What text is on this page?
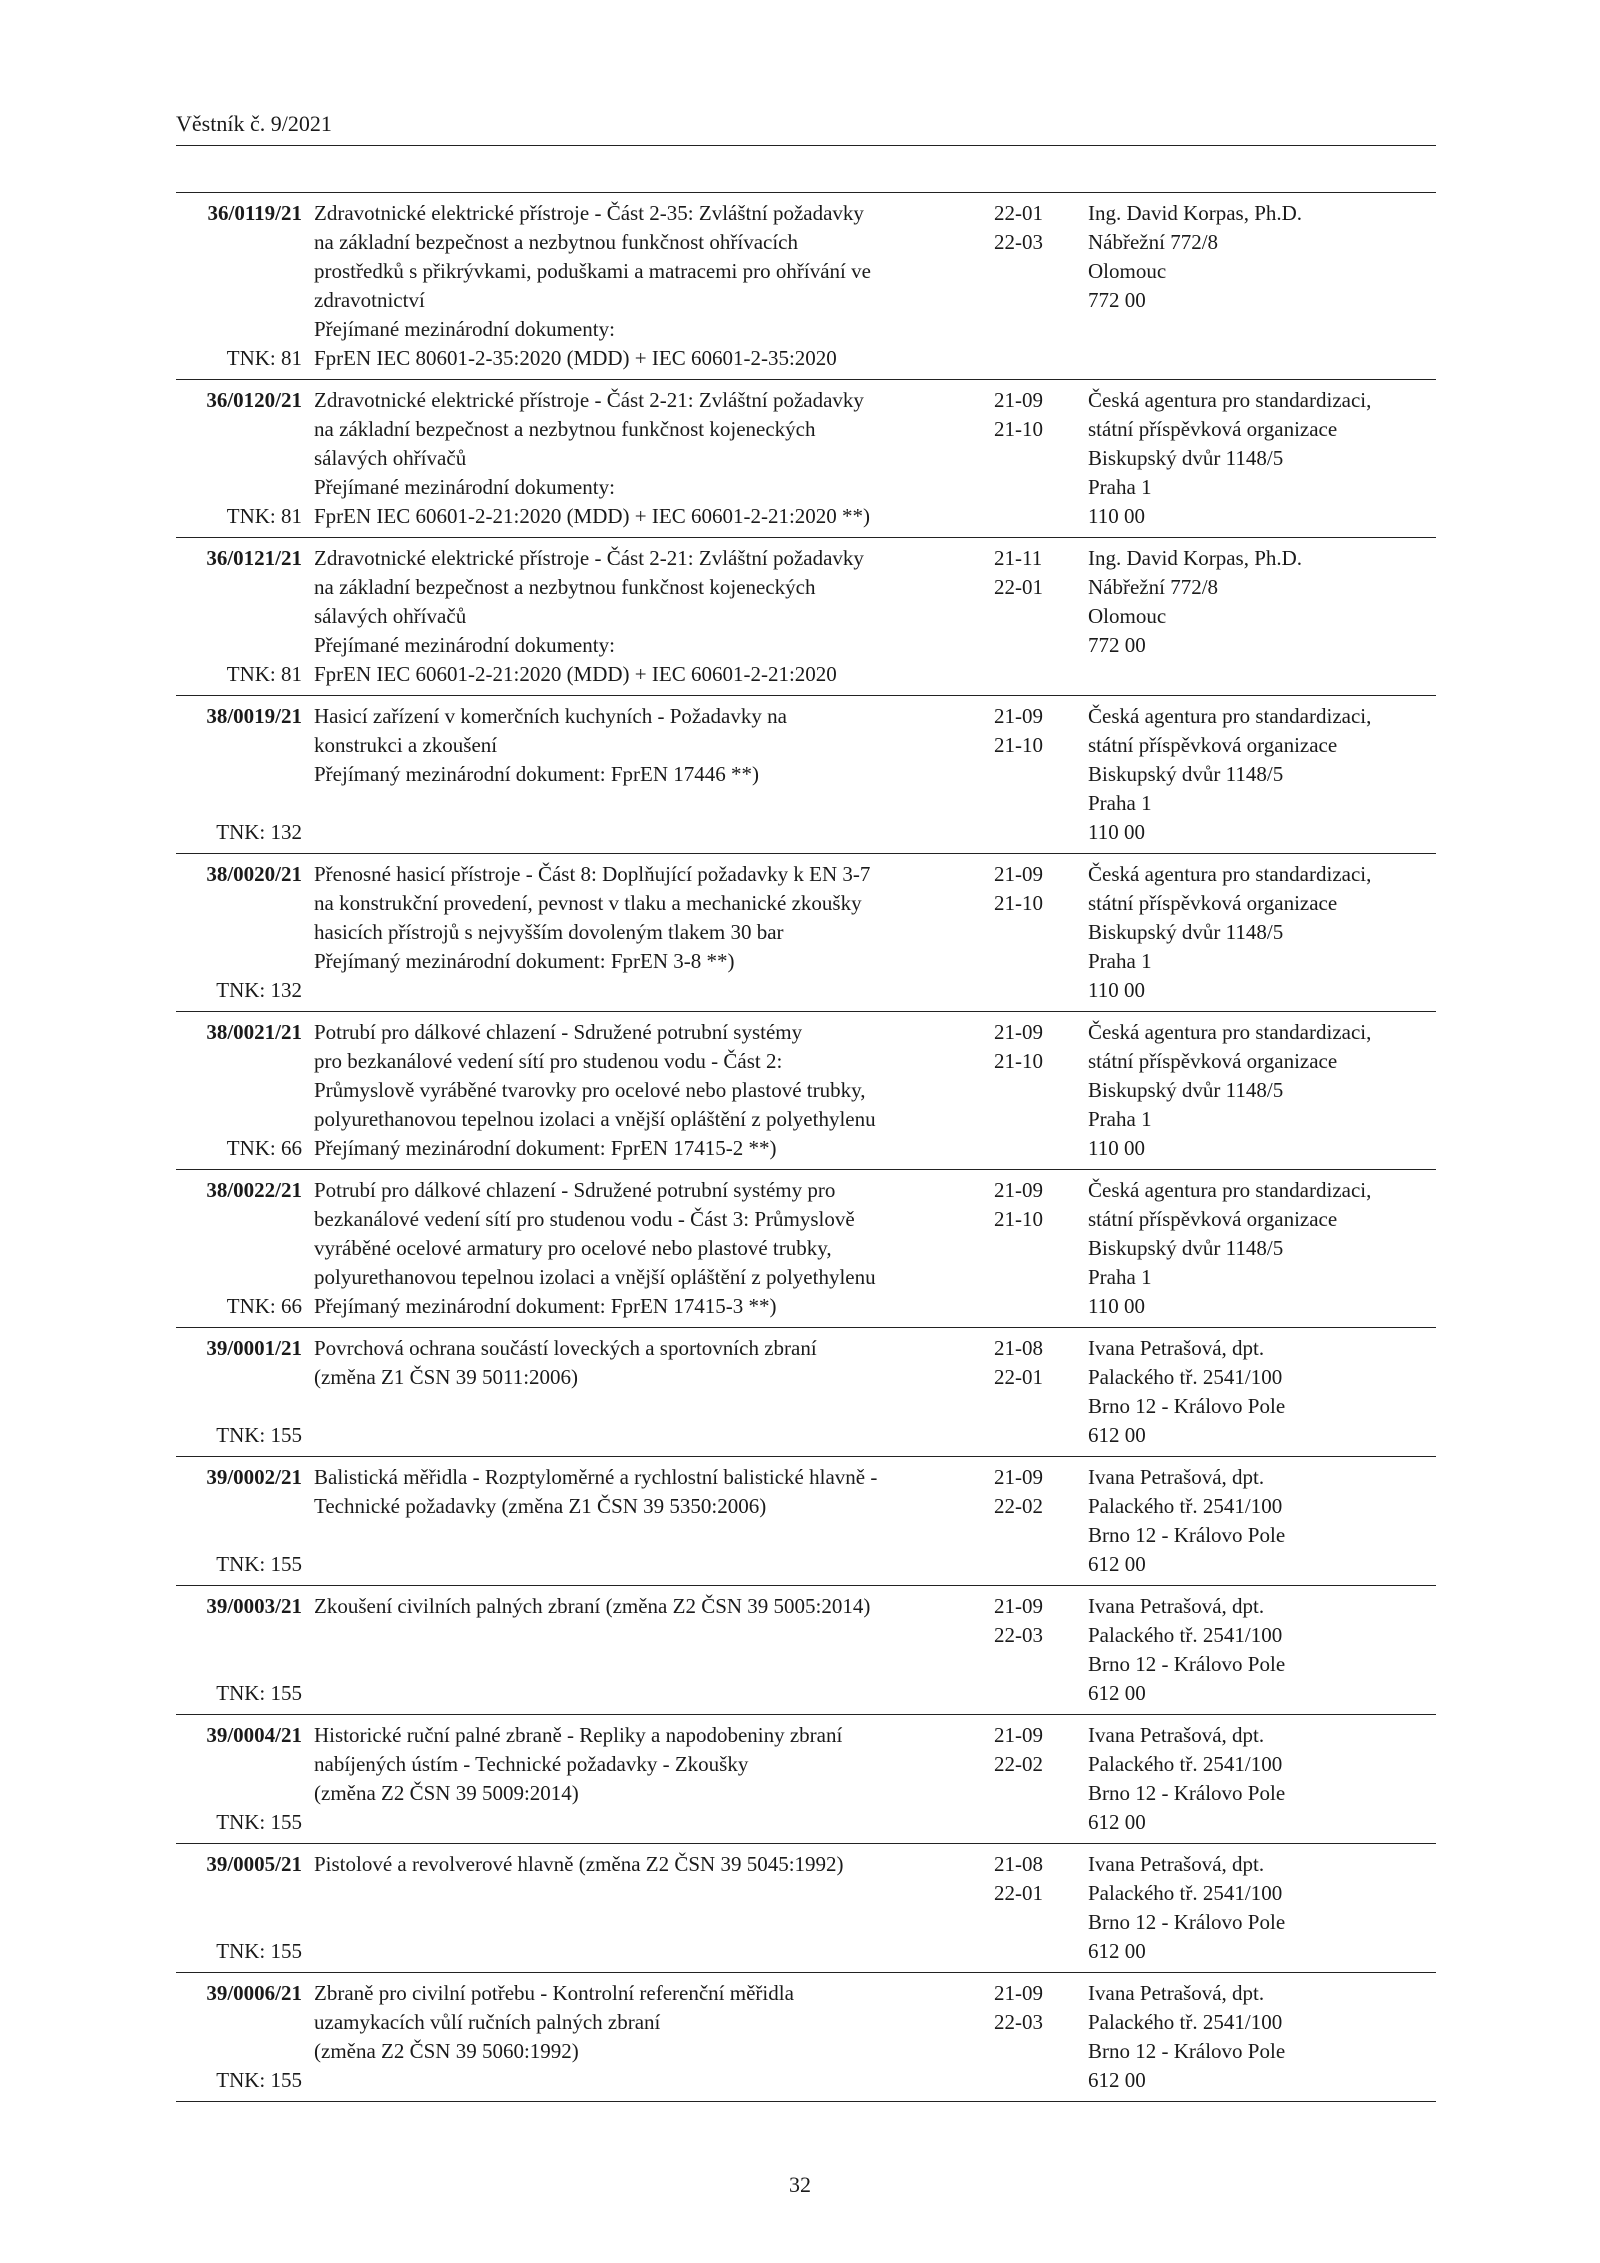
Věstník č. 9/2021
36/0119/21
TNK: 81
Zdravotnické elektrické přístroje - Část 2-35: Zvláštní požadavky
na základní bezpečnost a nezbytnou funkčnost ohřívacích
prostředků s přikrývkami, poduškami a matracemi pro ohřívání ve
zdravotnictví
Přejímané mezinárodní dokumenty:
FprEN IEC 80601-2-35:2020 (MDD) + IEC 60601-2-35:2020
22-01
22-03
Ing. David Korpas, Ph.D.
Nábřežní 772/8
Olomouc
772 00
36/0120/21
TNK: 81
Zdravotnické elektrické přístroje - Část 2-21: Zvláštní požadavky
na základní bezpečnost a nezbytnou funkčnost kojeneckých
sálavých ohřívačů
Přejímané mezinárodní dokumenty:
FprEN IEC 60601-2-21:2020 (MDD) + IEC 60601-2-21:2020 **)
21-09
21-10
Česká agentura pro standardizaci,
státní příspěvková organizace
Biskupský dvůr 1148/5
Praha 1
110 00
36/0121/21
TNK: 81
Zdravotnické elektrické přístroje - Část 2-21: Zvláštní požadavky
na základní bezpečnost a nezbytnou funkčnost kojeneckých
sálavých ohřívačů
Přejímané mezinárodní dokumenty:
FprEN IEC 60601-2-21:2020 (MDD) + IEC 60601-2-21:2020
21-11
22-01
Ing. David Korpas, Ph.D.
Nábřežní 772/8
Olomouc
772 00
38/0019/21
TNK: 132
Hasicí zařízení v komerčních kuchyních - Požadavky na
konstrukci a zkoušení
Přejímaný mezinárodní dokument: FprEN 17446 **)
21-09
21-10
Česká agentura pro standardizaci,
státní příspěvková organizace
Biskupský dvůr 1148/5
Praha 1
110 00
38/0020/21
TNK: 132
Přenosné hasicí přístroje - Část 8: Doplňující požadavky k EN 3-7
na konstrukční provedení, pevnost v tlaku a mechanické zkoušky
hasicích přístrojů s nejvyšším dovoleným tlakem 30 bar
Přejímaný mezinárodní dokument: FprEN 3-8 **)
21-09
21-10
Česká agentura pro standardizaci,
státní příspěvková organizace
Biskupský dvůr 1148/5
Praha 1
110 00
38/0021/21
TNK: 66
Potrubí pro dálkové chlazení - Sdružené potrubní systémy
pro bezkanálové vedení sítí pro studenou vodu - Část 2:
Průmyslově vyráběné tvarovky pro ocelové nebo plastové trubky,
polyurethanovou tepelnou izolaci a vnější opláštění z polyethylenu
Přejímaný mezinárodní dokument: FprEN 17415-2 **)
21-09
21-10
Česká agentura pro standardizaci,
státní příspěvková organizace
Biskupský dvůr 1148/5
Praha 1
110 00
38/0022/21
TNK: 66
Potrubí pro dálkové chlazení - Sdružené potrubní systémy pro
bezkanálové vedení sítí pro studenou vodu - Část 3: Průmyslově
vyráběné ocelové armatury pro ocelové nebo plastové trubky,
polyurethanovou tepelnou izolaci a vnější opláštění z polyethylenu
Přejímaný mezinárodní dokument: FprEN 17415-3 **)
21-09
21-10
Česká agentura pro standardizaci,
státní příspěvková organizace
Biskupský dvůr 1148/5
Praha 1
110 00
39/0001/21
TNK: 155
Povrchová ochrana součástí loveckých a sportovních zbraní
(změna Z1 ČSN 39 5011:2006)
21-08
22-01
Ivana Petrašová, dpt.
Palackého tř. 2541/100
Brno 12 - Královo Pole
612 00
39/0002/21
TNK: 155
Balistická měřidla - Rozptyloměrné a rychlostní balistické hlavně -
Technické požadavky (změna Z1 ČSN 39 5350:2006)
21-09
22-02
Ivana Petrašová, dpt.
Palackého tř. 2541/100
Brno 12 - Královo Pole
612 00
39/0003/21
TNK: 155
Zkoušení civilních palných zbraní (změna Z2 ČSN 39 5005:2014)	21-09
22-03
Ivana Petrašová, dpt.
Palackého tř. 2541/100
Brno 12 - Královo Pole
612 00
39/0004/21
TNK: 155
Historické ruční palné zbraně - Repliky a napodobeniny zbraní
nabíjených ústím - Technické požadavky - Zkoušky
(změna Z2 ČSN 39 5009:2014)
21-09
22-02
Ivana Petrašová, dpt.
Palackého tř. 2541/100
Brno 12 - Královo Pole
612 00
39/0005/21
TNK: 155
Pistolové a revolverové hlavně (změna Z2 ČSN 39 5045:1992)	21-08
22-01
Ivana Petrašová, dpt.
Palackého tř. 2541/100
Brno 12 - Královo Pole
612 00
39/0006/21
TNK: 155
Zbraně pro civilní potřebu - Kontrolní referenční měřidla
uzamykacích vůlí ručních palných zbraní
(změna Z2 ČSN 39 5060:1992)
21-09
22-03
Ivana Petrašová, dpt.
Palackého tř. 2541/100
Brno 12 - Královo Pole
612 00
32
